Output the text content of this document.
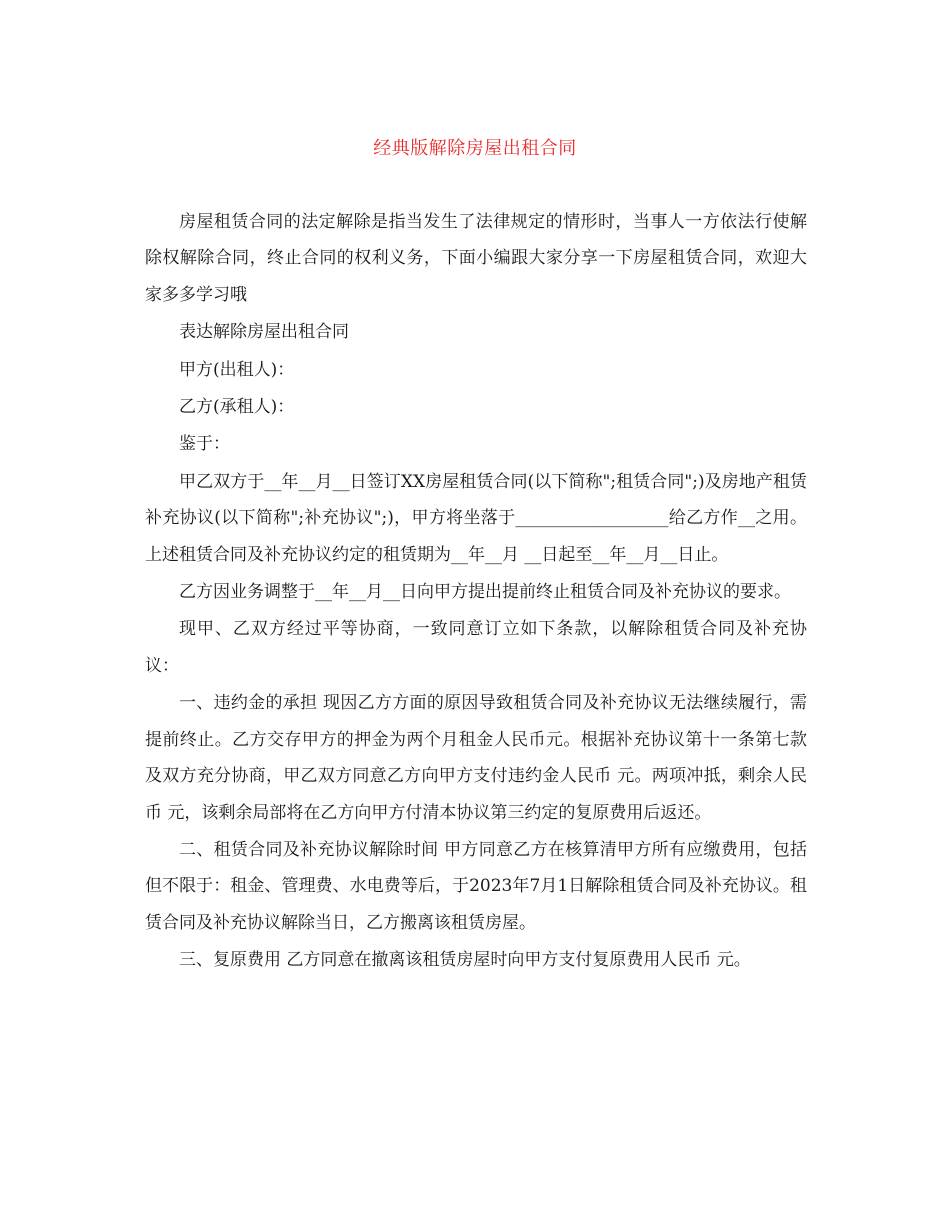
经典版解除房屋出租合同

房屋租赁合同的法定解除是指当发生了法律规定的情形时，当事人一方依法行使解除权解除合同，终止合同的权利义务，下面小编跟大家分享一下房屋租赁合同，欢迎大家多多学习哦

表达解除房屋出租合同

甲方(出租人)：

乙方(承租人)：

鉴于：

甲乙双方于__年__月__日签订XX房屋租赁合同(以下简称";租赁合同";)及房地产租赁补充协议(以下简称";补充协议";)，甲方将坐落于__________________给乙方作__之用。上述租赁合同及补充协议约定的租赁期为__年__月 __日起至__年__月__日止。

乙方因业务调整于__年__月__日向甲方提出提前终止租赁合同及补充协议的要求。

现甲、乙双方经过平等协商，一致同意订立如下条款，以解除租赁合同及补充协议：

一、违约金的承担 现因乙方方面的原因导致租赁合同及补充协议无法继续履行，需提前终止。乙方交存甲方的押金为两个月租金人民币元。根据补充协议第十一条第七款及双方充分协商，甲乙双方同意乙方向甲方支付违约金人民币 元。两项冲抵，剩余人民币 元，该剩余局部将在乙方向甲方付清本协议第三约定的复原费用后返还。

二、租赁合同及补充协议解除时间 甲方同意乙方在核算清甲方所有应缴费用，包括但不限于：租金、管理费、水电费等后，于2023年7月1日解除租赁合同及补充协议。租赁合同及补充协议解除当日，乙方搬离该租赁房屋。

三、复原费用 乙方同意在撤离该租赁房屋时向甲方支付复原费用人民币 元。
